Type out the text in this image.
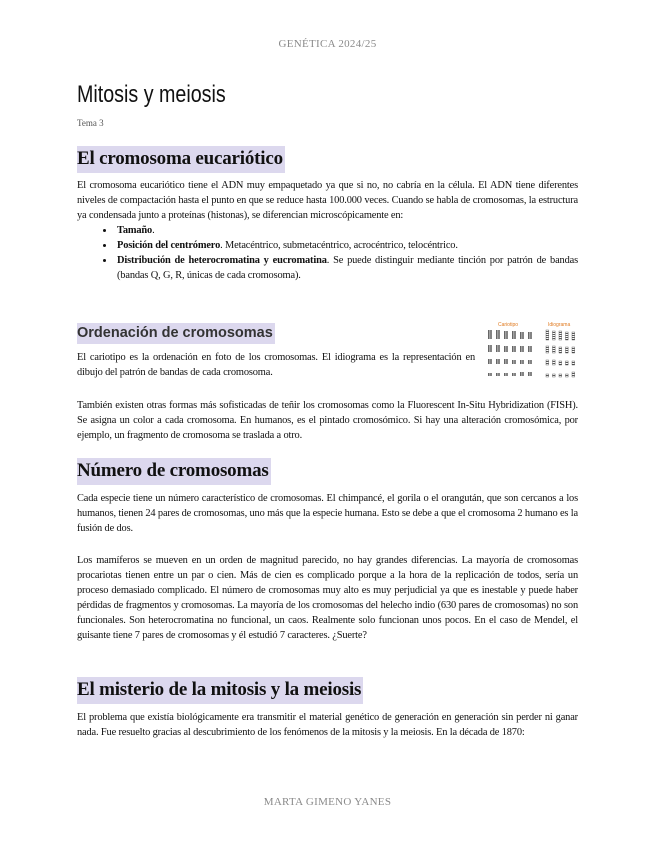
GENÉTICA 2024/25
Mitosis y meiosis
Tema 3
El cromosoma eucariótico

El cromosoma eucariótico tiene el ADN muy empaquetado ya que si no, no cabría en la célula. El ADN tiene diferentes niveles de compactación hasta el punto en que se reduce hasta 100.000 veces. Cuando se habla de cromosomas, la estructura ya condensada junto a proteínas (histonas), se diferencian microscópicamente en:

• Tamaño.
• Posición del centrómero. Metacéntrico, submetacéntrico, acrocéntrico, telocéntrico.
• Distribución de heterocromatina y eucromatina. Se puede distinguir mediante tinción por patrón de bandas (bandas Q, G, R, únicas de cada cromosoma).
Ordenación de cromosomas

El cariotipo es la ordenación en foto de los cromosomas. El idiograma es la representación en dibujo del patrón de bandas de cada cromosoma.

Cariotipo	Idiograma

También existen otras formas más sofisticadas de teñir los cromosomas como la Fluorescent In-Situ Hybridization (FISH). Se asigna un color a cada cromosoma. En humanos, es el pintado cromosómico. Si hay una alteración cromosómica, por ejemplo, un fragmento de cromosoma se traslada a otro.

Número de cromosomas

Cada especie tiene un número característico de cromosomas. El chimpancé, el gorila o el orangután, que son cercanos a los humanos, tienen 24 pares de cromosomas, uno más que la especie humana. Esto se debe a que el cromosoma 2 humano es la fusión de dos.

Los mamíferos se mueven en un orden de magnitud parecido, no hay grandes diferencias. La mayoría de cromosomas procariotas tienen entre un par o cien. Más de cien es complicado porque a la hora de la replicación de todos, sería un proceso demasiado complicado. El número de cromosomas muy alto es muy perjudicial ya que es inestable y puede haber pérdidas de fragmentos y cromosomas. La mayoría de los cromosomas del helecho indio (630 pares de cromosomas) no son funcionales. Son heterocromatina no funcional, un caos. Realmente solo funcionan unos pocos. En el caso de Mendel, el guisante tiene 7 pares de cromosomas y él estudió 7 caracteres. ¿Suerte?

El misterio de la mitosis y la meiosis

El problema que existía biológicamente era transmitir el material genético de generación en generación sin perder ni ganar nada. Fue resuelto gracias al descubrimiento de los fenómenos de la mitosis y la meiosis. En la década de 1870:

MARTA GIMENO YANES
